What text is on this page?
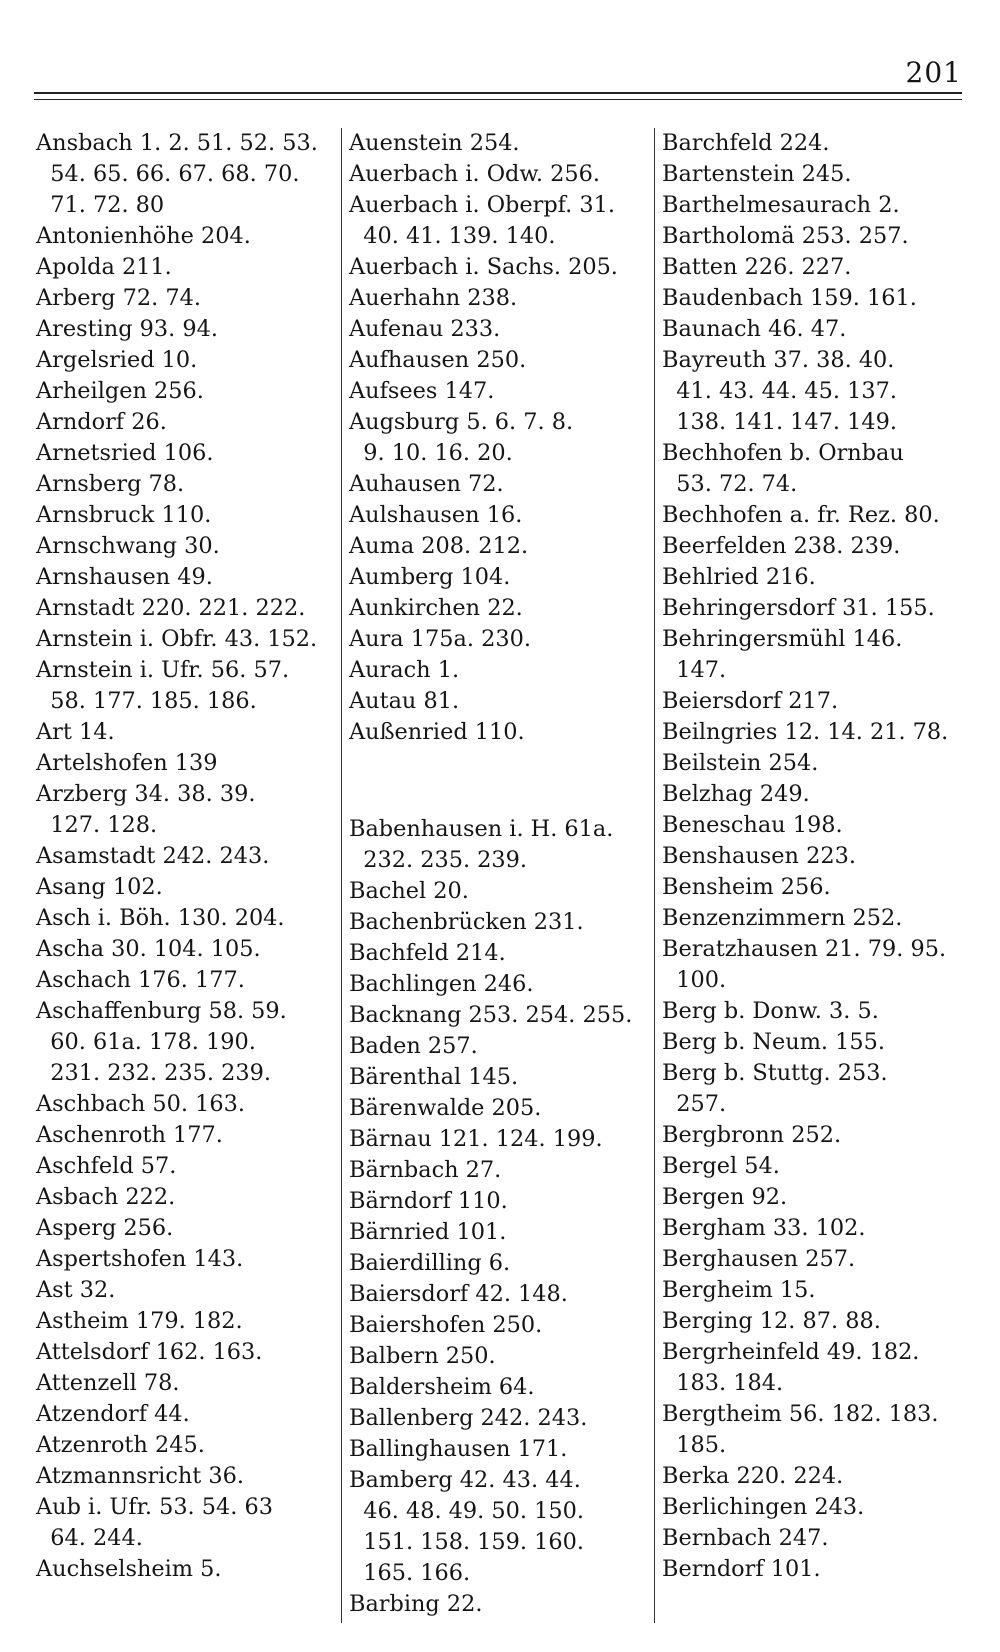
201

Ansbach 1. 2. 51. 52. 53.

54. 65. 66. 67. 68. 70.

71. 72. 80

Antonienhöhe 204.

Apolda 211.

Arberg 72. 74.

Aresting 93. 94.

Argelsried 10.

Arheilgen 256.

Arndorf 26.

Arnetsried 106.

Arnsberg 78.

Arnsbruck 110.

Arnschwang 30.

Arnshausen 49.

Arnstadt 220. 221. 222.

Arnstein i. Obfr. 43. 152.

Arnstein i. Ufr. 56. 57.

58. 177. 185. 186.

Art 14.

Artelshofen 139

Arzberg 34. 38. 39.

127. 128.

Asamstadt 242. 243.

Asang 102.

Asch i. Böh. 130. 204.

Ascha 30. 104. 105.

Aschach 176. 177.

Aschaffenburg 58. 59.

60. 61a. 178. 190.

231. 232. 235. 239.

Aschbach 50. 163.

Aschenroth 177.

Aschfeld 57.

Asbach 222.

Asperg 256.

Aspertshofen 143.

Ast 32.

Astheim 179. 182.

Attelsdorf 162. 163.

Attenzell 78.

Atzendorf 44.

Atzenroth 245.

Atzmannsricht 36.

Aub i. Ufr. 53. 54. 63

64. 244.

Auchselsheim 5.

Auenstein 254.

Auerbach i. Odw. 256.

Auerbach i. Oberpf. 31.

40. 41. 139. 140.

Auerbach i. Sachs. 205.

Auerhahn 238.

Aufenau 233.

Aufhausen 250.

Aufsees 147.

Augsburg 5. 6. 7. 8.

9. 10. 16. 20.

Auhausen 72.

Aulshausen 16.

Auma 208. 212.

Aumberg 104.

Aunkirchen 22.

Aura 175a. 230.

Aurach 1.

Autau 81.

Außenried 110.

Babenhausen i. H. 61a.

232. 235. 239.

Bachel 20.

Bachenbrücken 231.

Bachfeld 214.

Bachlingen 246.

Backnang 253. 254. 255.

Baden 257.

Bärenthal 145.

Bärenwalde 205.

Bärnau 121. 124. 199.

Bärnbach 27.

Bärndorf 110.

Bärnried 101.

Baierdilling 6.

Baiersdorf 42. 148.

Baiershofen 250.

Balbern 250.

Baldersheim 64.

Ballenberg 242. 243.

Ballinghausen 171.

Bamberg 42. 43. 44.

46. 48. 49. 50. 150.

151. 158. 159. 160.

165. 166.

Barbing 22.

Barchfeld 224.

Bartenstein 245.

Barthelmesaurach 2.

Bartholomä 253. 257.

Batten 226. 227.

Baudenbach 159. 161.

Baunach 46. 47.

Bayreuth 37. 38. 40.

41. 43. 44. 45. 137.

138. 141. 147. 149.

Bechhofen b. Ornbau

53. 72. 74.

Bechhofen a. fr. Rez. 80.

Beerfelden 238. 239.

Behlried 216.

Behringersdorf 31. 155.

Behringersmühl 146.

147.

Beiersdorf 217.

Beilngries 12. 14. 21. 78.

Beilstein 254.

Belzhag 249.

Beneschau 198.

Benshausen 223.

Bensheim 256.

Benzenzimmern 252.

Beratzhausen 21. 79. 95.

100.

Berg b. Donw. 3. 5.

Berg b. Neum. 155.

Berg b. Stuttg. 253.

257.

Bergbronn 252.

Bergel 54.

Bergen 92.

Bergham 33. 102.

Berghausen 257.

Bergheim 15.

Berging 12. 87. 88.

Bergrheinfeld 49. 182.

183. 184.

Bergtheim 56. 182. 183.

185.

Berka 220. 224.

Berlichingen 243.

Bernbach 247.

Berndorf 101.
